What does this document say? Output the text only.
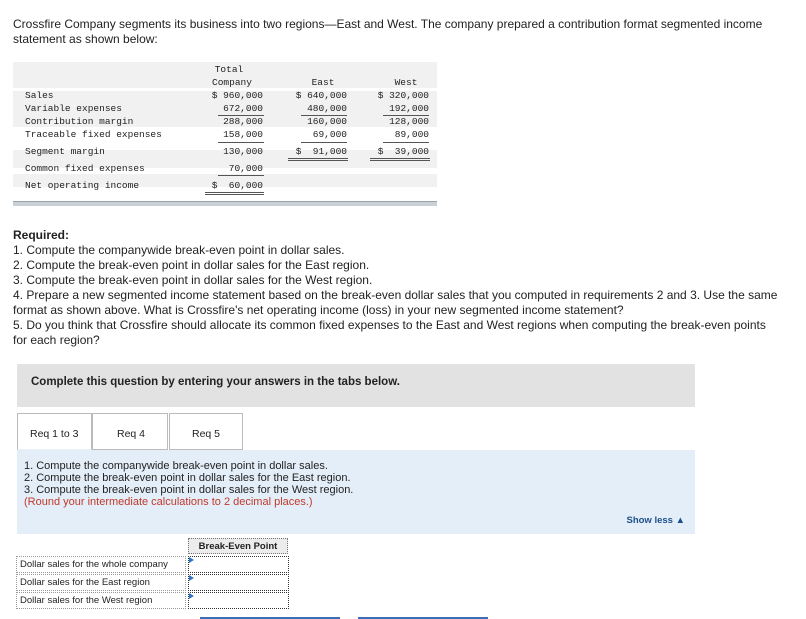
Crossfire Company segments its business into two regions—East and West. The company prepared a contribution format segmented income statement as shown below:
Total
Company	East	West
Sales	$ 960,000	$ 640,000	$ 320,000
Variable expenses	672,000	480,000	192,000
Contribution margin	288,000	160,000	128,000
Traceable fixed expenses	158,000	69,000	89,000
Segment margin	130,000	$  91,000	$  39,000
Common fixed expenses	70,000
Net operating income	$  60,000
Required:
1. Compute the companywide break-even point in dollar sales.
2. Compute the break-even point in dollar sales for the East region.
3. Compute the break-even point in dollar sales for the West region.
4. Prepare a new segmented income statement based on the break-even dollar sales that you computed in requirements 2 and 3. Use the same format as shown above. What is Crossfire's net operating income (loss) in your new segmented income statement?
5. Do you think that Crossfire should allocate its common fixed expenses to the East and West regions when computing the break-even points for each region?
Complete this question by entering your answers in the tabs below.
Req 1 to 3	Req 4	Req 5
1. Compute the companywide break-even point in dollar sales.
2. Compute the break-even point in dollar sales for the East region.
3. Compute the break-even point in dollar sales for the West region.
(Round your intermediate calculations to 2 decimal places.)
Show less ▲
Break-Even Point
Dollar sales for the whole company
Dollar sales for the East region
Dollar sales for the West region
